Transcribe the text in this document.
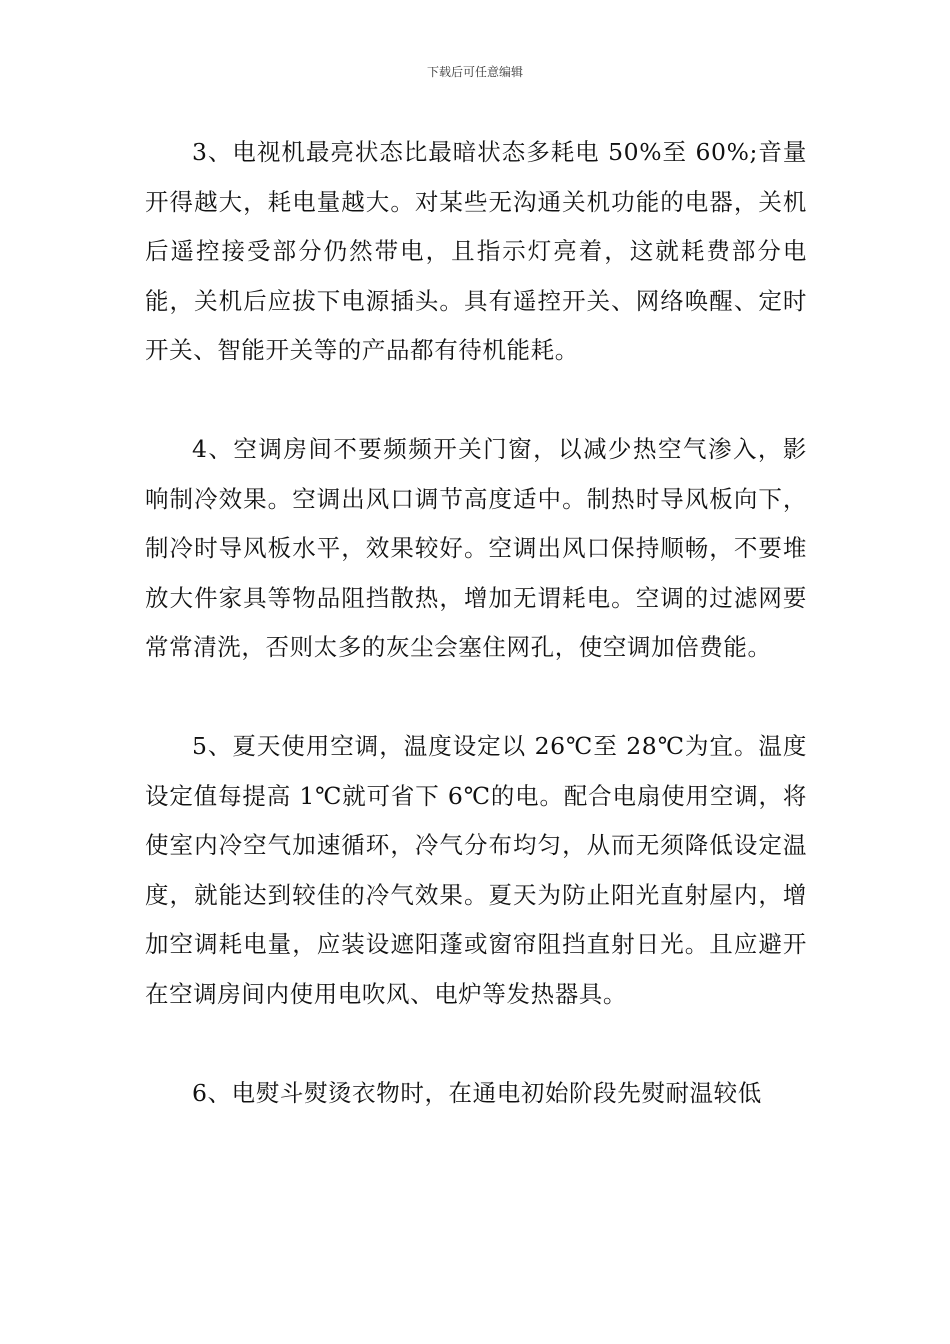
下载后可任意编辑

3、电视机最亮状态比最暗状态多耗电 50%至 60%;音量开得越大，耗电量越大。对某些无沟通关机功能的电器，关机后遥控接受部分仍然带电，且指示灯亮着，这就耗费部分电能，关机后应拔下电源插头。具有遥控开关、网络唤醒、定时开关、智能开关等的产品都有待机能耗。

4、空调房间不要频频开关门窗，以减少热空气渗入，影响制冷效果。空调出风口调节高度适中。制热时导风板向下，制冷时导风板水平，效果较好。空调出风口保持顺畅，不要堆放大件家具等物品阻挡散热，增加无谓耗电。空调的过滤网要常常清洗，否则太多的灰尘会塞住网孔，使空调加倍费能。

5、夏天使用空调，温度设定以 26℃至 28℃为宜。温度设定值每提高 1℃就可省下 6℃的电。配合电扇使用空调，将使室内冷空气加速循环，冷气分布均匀，从而无须降低设定温度，就能达到较佳的冷气效果。夏天为防止阳光直射屋内，增加空调耗电量，应装设遮阳蓬或窗帘阻挡直射日光。且应避开在空调房间内使用电吹风、电炉等发热器具。

6、电熨斗熨烫衣物时，在通电初始阶段先熨耐温较低
